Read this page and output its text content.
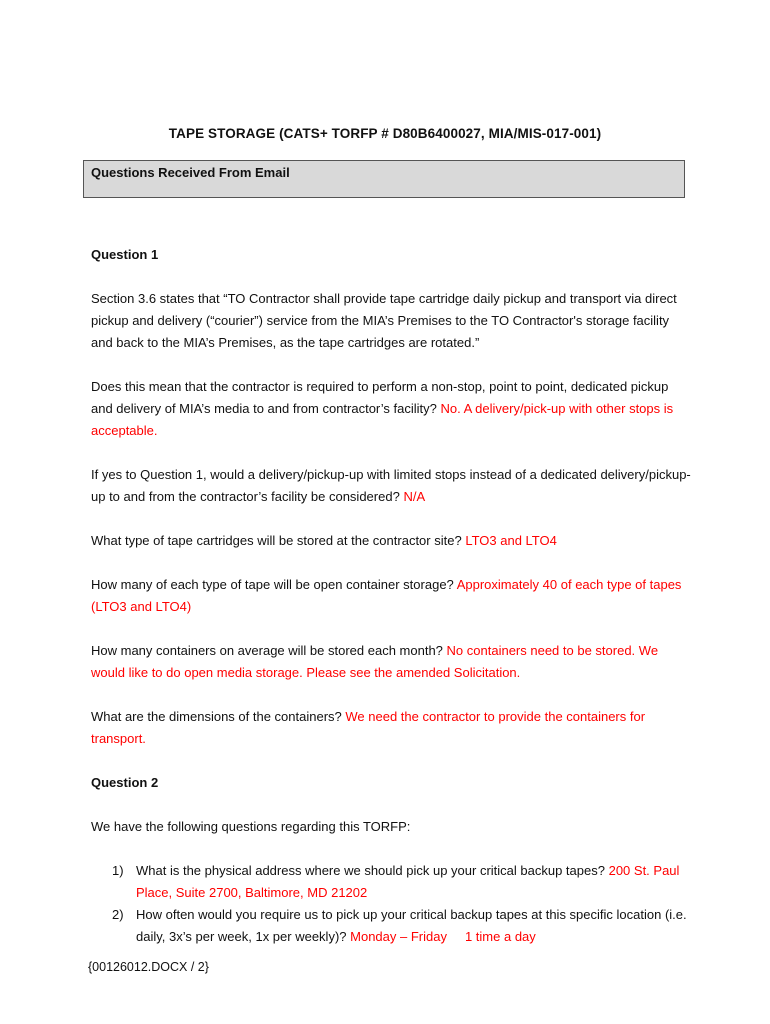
TAPE STORAGE (CATS+ TORFP # D80B6400027, MIA/MIS-017-001)
Questions Received From Email

Question 1

Section 3.6 states that “TO Contractor shall provide tape cartridge daily pickup and transport via direct pickup and delivery (“courier”) service from the MIA’s Premises to the TO Contractor's storage facility and back to the MIA’s Premises, as the tape cartridges are rotated.”

Does this mean that the contractor is required to perform a non-stop, point to point, dedicated pickup and delivery of MIA’s media to and from contractor’s facility? No. A delivery/pick-up with other stops is acceptable.

If yes to Question 1, would a delivery/pickup-up with limited stops instead of a dedicated delivery/pickup-up to and from the contractor’s facility be considered? N/A

What type of tape cartridges will be stored at the contractor site? LTO3 and LTO4

How many of each type of tape will be open container storage? Approximately 40 of each type of tapes (LTO3 and LTO4)

How many containers on average will be stored each month? No containers need to be stored. We would like to do open media storage. Please see the amended Solicitation.

What are the dimensions of the containers? We need the contractor to provide the containers for transport.

Question 2

We have the following questions regarding this TORFP:

1) What is the physical address where we should pick up your critical backup tapes? 200 St. Paul Place, Suite 2700, Baltimore, MD 21202
2) How often would you require us to pick up your critical backup tapes at this specific location (i.e. daily, 3x’s per week, 1x per weekly)? Monday – Friday 1 time a day
{00126012.DOCX / 2}
